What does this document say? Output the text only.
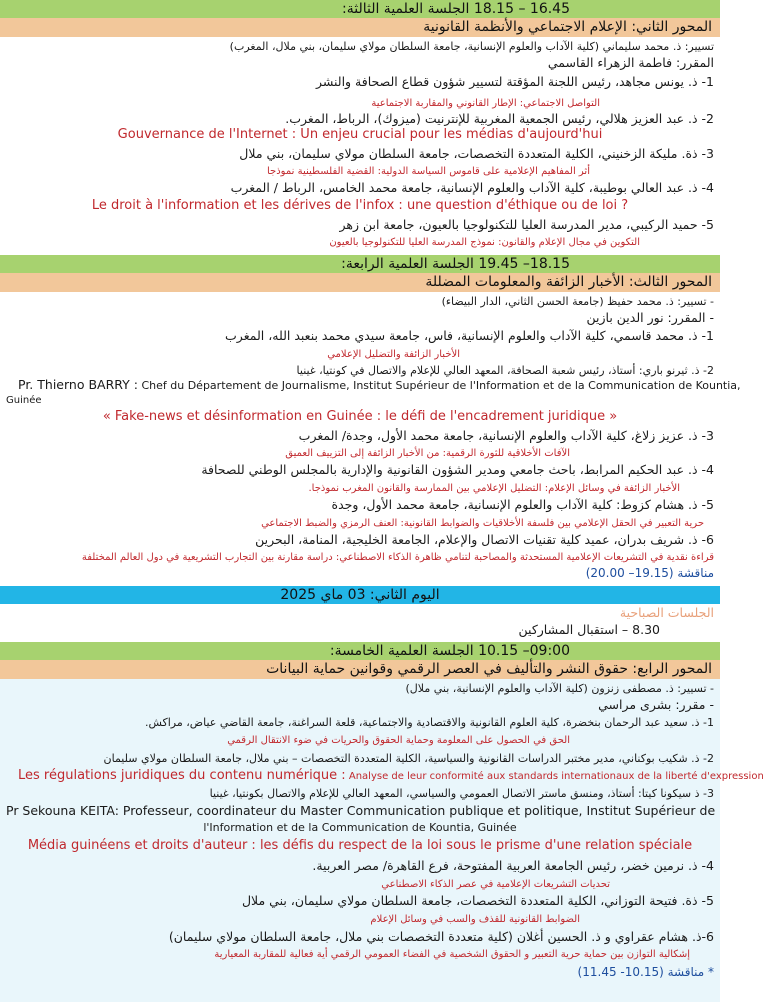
16.45 – 18.15 الجلسة العلمية الثالثة:
المحور الثاني: الإعلام الاجتماعي والأنظمة القانونية
تسيير: ذ. محمد سليماني (كلية الآداب والعلوم الإنسانية، جامعة السلطان مولاي سليمان، بني ملال، المغرب)
المقرر: فاطمة الزهراء القاسمي
1- ذ. يونس مجاهد، رئيس اللجنة المؤقتة لتسيير شؤون قطاع الصحافة والنشر
التواصل الاجتماعي: الإطار القانوني والمقاربة الاجتماعية
2- ذ. عبد العزيز هلالي، رئيس الجمعية المغربية للإنترنيت (ميزوك)، الرباط، المغرب.
Gouvernance de l'Internet : Un enjeu crucial pour les médias d'aujourd'hui
3- ذة. مليكة الزخنيني، الكلية المتعددة التخصصات، جامعة السلطان مولاي سليمان، بني ملال
أثر المفاهيم الإعلامية على قاموس السياسة الدولية: القضية الفلسطينية نموذجا
4- ذ. عبد العالي بوطيبة، كلية الآداب والعلوم الإنسانية، جامعة محمد الخامس، الرباط / المغرب
Le droit à l'information et les dérives de l'infox : une question d'éthique ou de loi ?
5- حميد الركيبي، مدير المدرسة العليا للتكنولوجيا بالعيون، جامعة ابن زهر
التكوين في مجال الإعلام والقانون: نموذج المدرسة العليا للتكنولوجيا بالعيون
18.15– 19.45 الجلسة العلمية الرابعة:
المحور الثالث: الأخبار الزائفة والمعلومات المضللة
- تسيير: ذ. محمد حفيظ (جامعة الحسن الثاني، الدار البيضاء)
- المقرر: نور الدين بازين
1- ذ. محمد قاسمي، كلية الآداب والعلوم الإنسانية، فاس، جامعة سيدي محمد بنعبد الله، المغرب
الأخبار الزائفة والتضليل الإعلامي
2- ذ. ثيرنو باري: أستاذ، رئيس شعبة الصحافة، المعهد العالي للإعلام والاتصال في كونتيا، غينيا
Pr. Thierno BARRY : Chef du Département de Journalisme, Institut Supérieur de l'Information et de la Communication de Kountia,
Guinée
« Fake-news et désinformation en Guinée : le défi de l'encadrement juridique »
3- ذ. عزيز زلاغ، كلية الآداب والعلوم الإنسانية، جامعة محمد الأول، وجدة/ المغرب
الآفات الأخلاقية للثورة الرقمية: من الأخبار الزائفة إلى التزييف العميق
4- ذ. عبد الحكيم المرابط، باحث جامعي ومدير الشؤون القانونية والإدارية بالمجلس الوطني للصحافة
الأخبار الزائفة في وسائل الإعلام: التضليل الإعلامي بين الممارسة والقانون المغرب نموذجا.
5- ذ. هشام كزوط: كلية الآداب والعلوم الإنسانية، جامعة محمد الأول، وجدة
حرية التعبير في الحقل الإعلامي بين فلسفة الأخلاقيات والضوابط القانونية: العنف الرمزي والضبط الاجتماعي
6- ذ. شريف بدران، عميد كلية تقنيات الاتصال والإعلام، الجامعة الخليجية، المنامة، البحرين
قراءة نقدية في التشريعات الإعلامية المستحدثة والمصاحبة لتنامي ظاهرة الذكاء الاصطناعي: دراسة مقارنة بين التجارب التشريعية في دول العالم المختلفة
مناقشة (19.15– 20.00)
اليوم الثاني: 03 ماي 2025
الجلسات الصباحية
8.30 – استقبال المشاركين
09:00– 10.15 الجلسة العلمية الخامسة:
المحور الرابع: حقوق النشر والتأليف في العصر الرقمي وقوانين حماية البيانات
- تسيير: ذ. مصطفى زنزون (كلية الآداب والعلوم الإنسانية، بني ملال)
- مقرر: بشرى مراسي
1- ذ. سعيد عبد الرحمان بنخضرة، كلية العلوم القانونية والاقتصادية والاجتماعية، قلعة السراغنة، جامعة القاضي عياض، مراكش.
الحق في الحصول على المعلومة وحماية الحقوق والحريات في ضوء الانتقال الرقمي
2- ذ. شكيب بوكناني، مدير مختبر الدراسات القانونية والسياسية، الكلية المتعددة التخصصات – بني ملال، جامعة السلطان مولاي سليمان
Les régulations juridiques du contenu numérique : Analyse de leur conformité aux standards internationaux de la liberté d'expression
3- ذ سيكونا كيتا: أستاذ، ومنسق ماستر الاتصال العمومي والسياسي، المعهد العالي للإعلام والاتصال بكونتيا، غينيا
Pr Sekouna KEITA: Professeur, coordinateur du Master Communication publique et politique, Institut Supérieur de
l'Information et de la Communication de Kountia, Guinée
Média guinéens et droits d'auteur : les défis du respect de la loi sous le prisme d'une relation spéciale
4- ذ. نرمين خضر، رئيس الجامعة العربية المفتوحة، فرع القاهرة/ مصر العربية.
تحديات التشريعات الإعلامية في عصر الذكاء الاصطناعي
5- ذة. فتيحة التوزاني، الكلية المتعددة التخصصات، جامعة السلطان مولاي سليمان، بني ملال
الضوابط القانونية للقذف والسب في وسائل الإعلام
6-ذ. هشام عقراوي و ذ. الحسين أغلان (كلية متعددة التخصصات بني ملال، جامعة السلطان مولاي سليمان)
إشكالية التوازن بين حماية حرية التعبير و الحقوق الشخصية في الفضاء العمومي الرقمي أية فعالية للمقاربة المعيارية
* مناقشة (10.15- 11.45)
